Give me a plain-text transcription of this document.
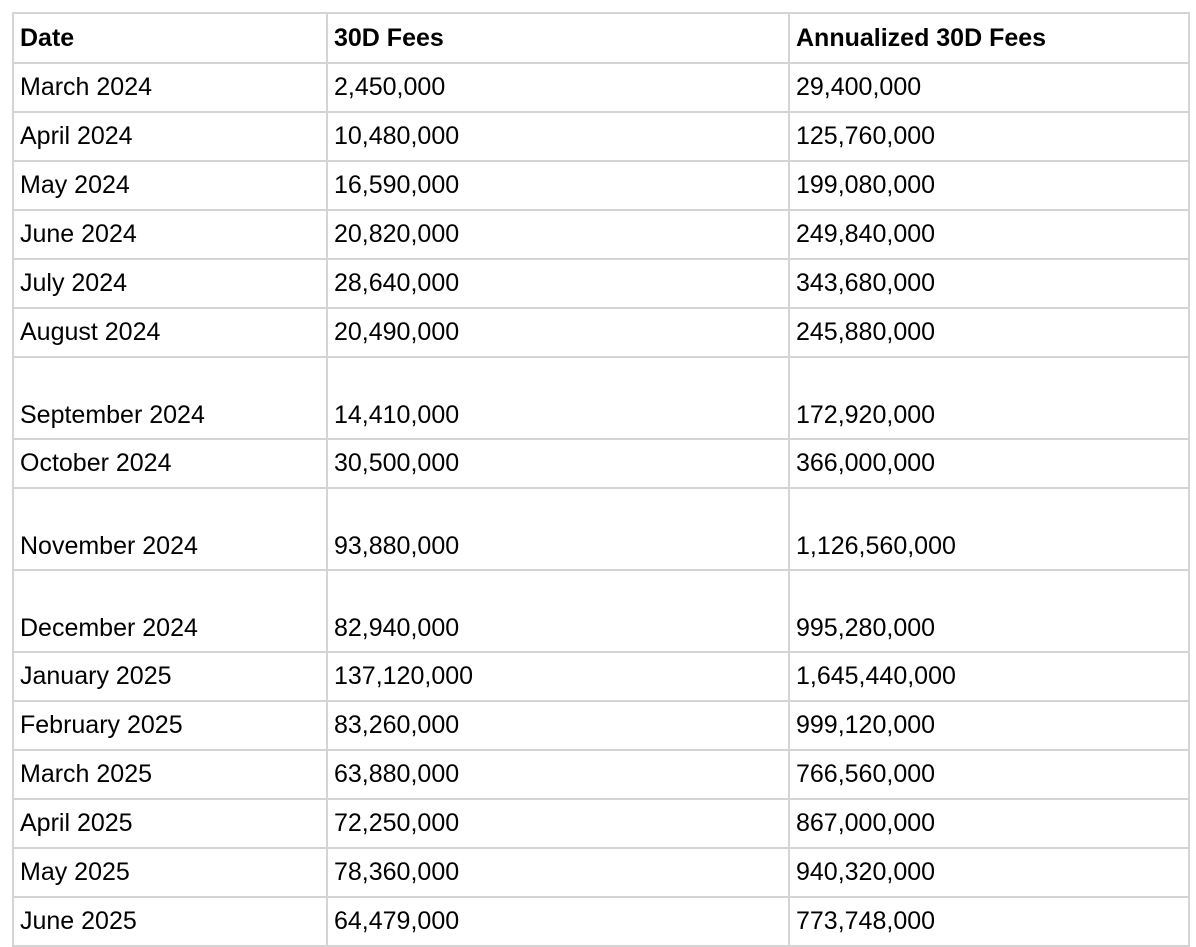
Date	30D Fees	Annualized 30D Fees
March 2024	2,450,000	29,400,000
April 2024	10,480,000	125,760,000
May 2024	16,590,000	199,080,000
June 2024	20,820,000	249,840,000
July 2024	28,640,000	343,680,000
August 2024	20,490,000	245,880,000
September 2024	14,410,000	172,920,000
October 2024	30,500,000	366,000,000
November 2024	93,880,000	1,126,560,000
December 2024	82,940,000	995,280,000
January 2025	137,120,000	1,645,440,000
February 2025	83,260,000	999,120,000
March 2025	63,880,000	766,560,000
April 2025	72,250,000	867,000,000
May 2025	78,360,000	940,320,000
June 2025	64,479,000	773,748,000
